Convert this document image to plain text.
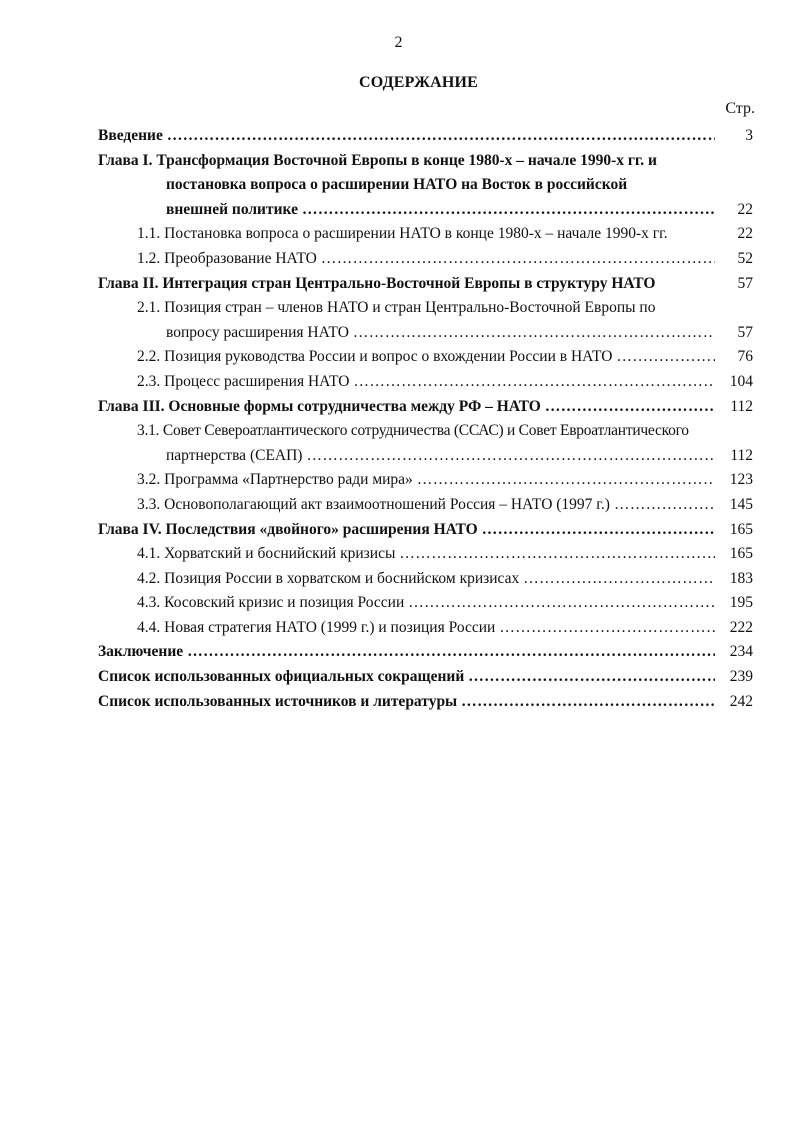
2
СОДЕРЖАНИЕ
Стр.
Введение ……………………………………………………………………………………………………………………………………………………………………	3
Глава I. Трансформация Восточной Европы в конце 1980-х – начале 1990-х гг. и
постановка вопроса о расширении НАТО на Восток в российской
внешней политике ……………………………………………………………………………………………………………………………………………………………………	22
1.1. Постановка вопроса о расширении НАТО в конце 1980-х – начале 1990-х гг.	22
1.2. Преобразование НАТО ……………………………………………………………………………………………………………………………………………………………………	52
Глава II. Интеграция стран Центрально-Восточной Европы в структуру НАТО	57
2.1. Позиция стран – членов НАТО и стран Центрально-Восточной Европы по
вопросу расширения НАТО ……………………………………………………………………………………………………………………………………………………………………	57
2.2. Позиция руководства России и вопрос о вхождении России в НАТО ……………………………………………………………………………………………………………………………………………………………………	76
2.3. Процесс расширения НАТО ……………………………………………………………………………………………………………………………………………………………………	104
Глава III. Основные формы сотрудничества между РФ – НАТО ……………………………………………………………………………………………………………………………………………………………………	112
3.1. Совет Североатлантического сотрудничества (ССАС) и Совет Евроатлантического
партнерства (СЕАП) ……………………………………………………………………………………………………………………………………………………………………	112
3.2. Программа «Партнерство ради мира» ……………………………………………………………………………………………………………………………………………………………………	123
3.3. Основополагающий акт взаимоотношений Россия – НАТО (1997 г.) ……………………………………………………………………………………………………………………………………………………………………	145
Глава IV. Последствия «двойного» расширения НАТО ……………………………………………………………………………………………………………………………………………………………………	165
4.1. Хорватский и боснийский кризисы ……………………………………………………………………………………………………………………………………………………………………	165
4.2. Позиция России в хорватском и боснийском кризисах ……………………………………………………………………………………………………………………………………………………………………	183
4.3. Косовский кризис и позиция России ……………………………………………………………………………………………………………………………………………………………………	195
4.4. Новая стратегия НАТО (1999 г.) и позиция России ……………………………………………………………………………………………………………………………………………………………………	222
Заключение ……………………………………………………………………………………………………………………………………………………………………	234
Список использованных официальных сокращений ……………………………………………………………………………………………………………………………………………………………………	239
Список использованных источников и литературы ……………………………………………………………………………………………………………………………………………………………………	242
